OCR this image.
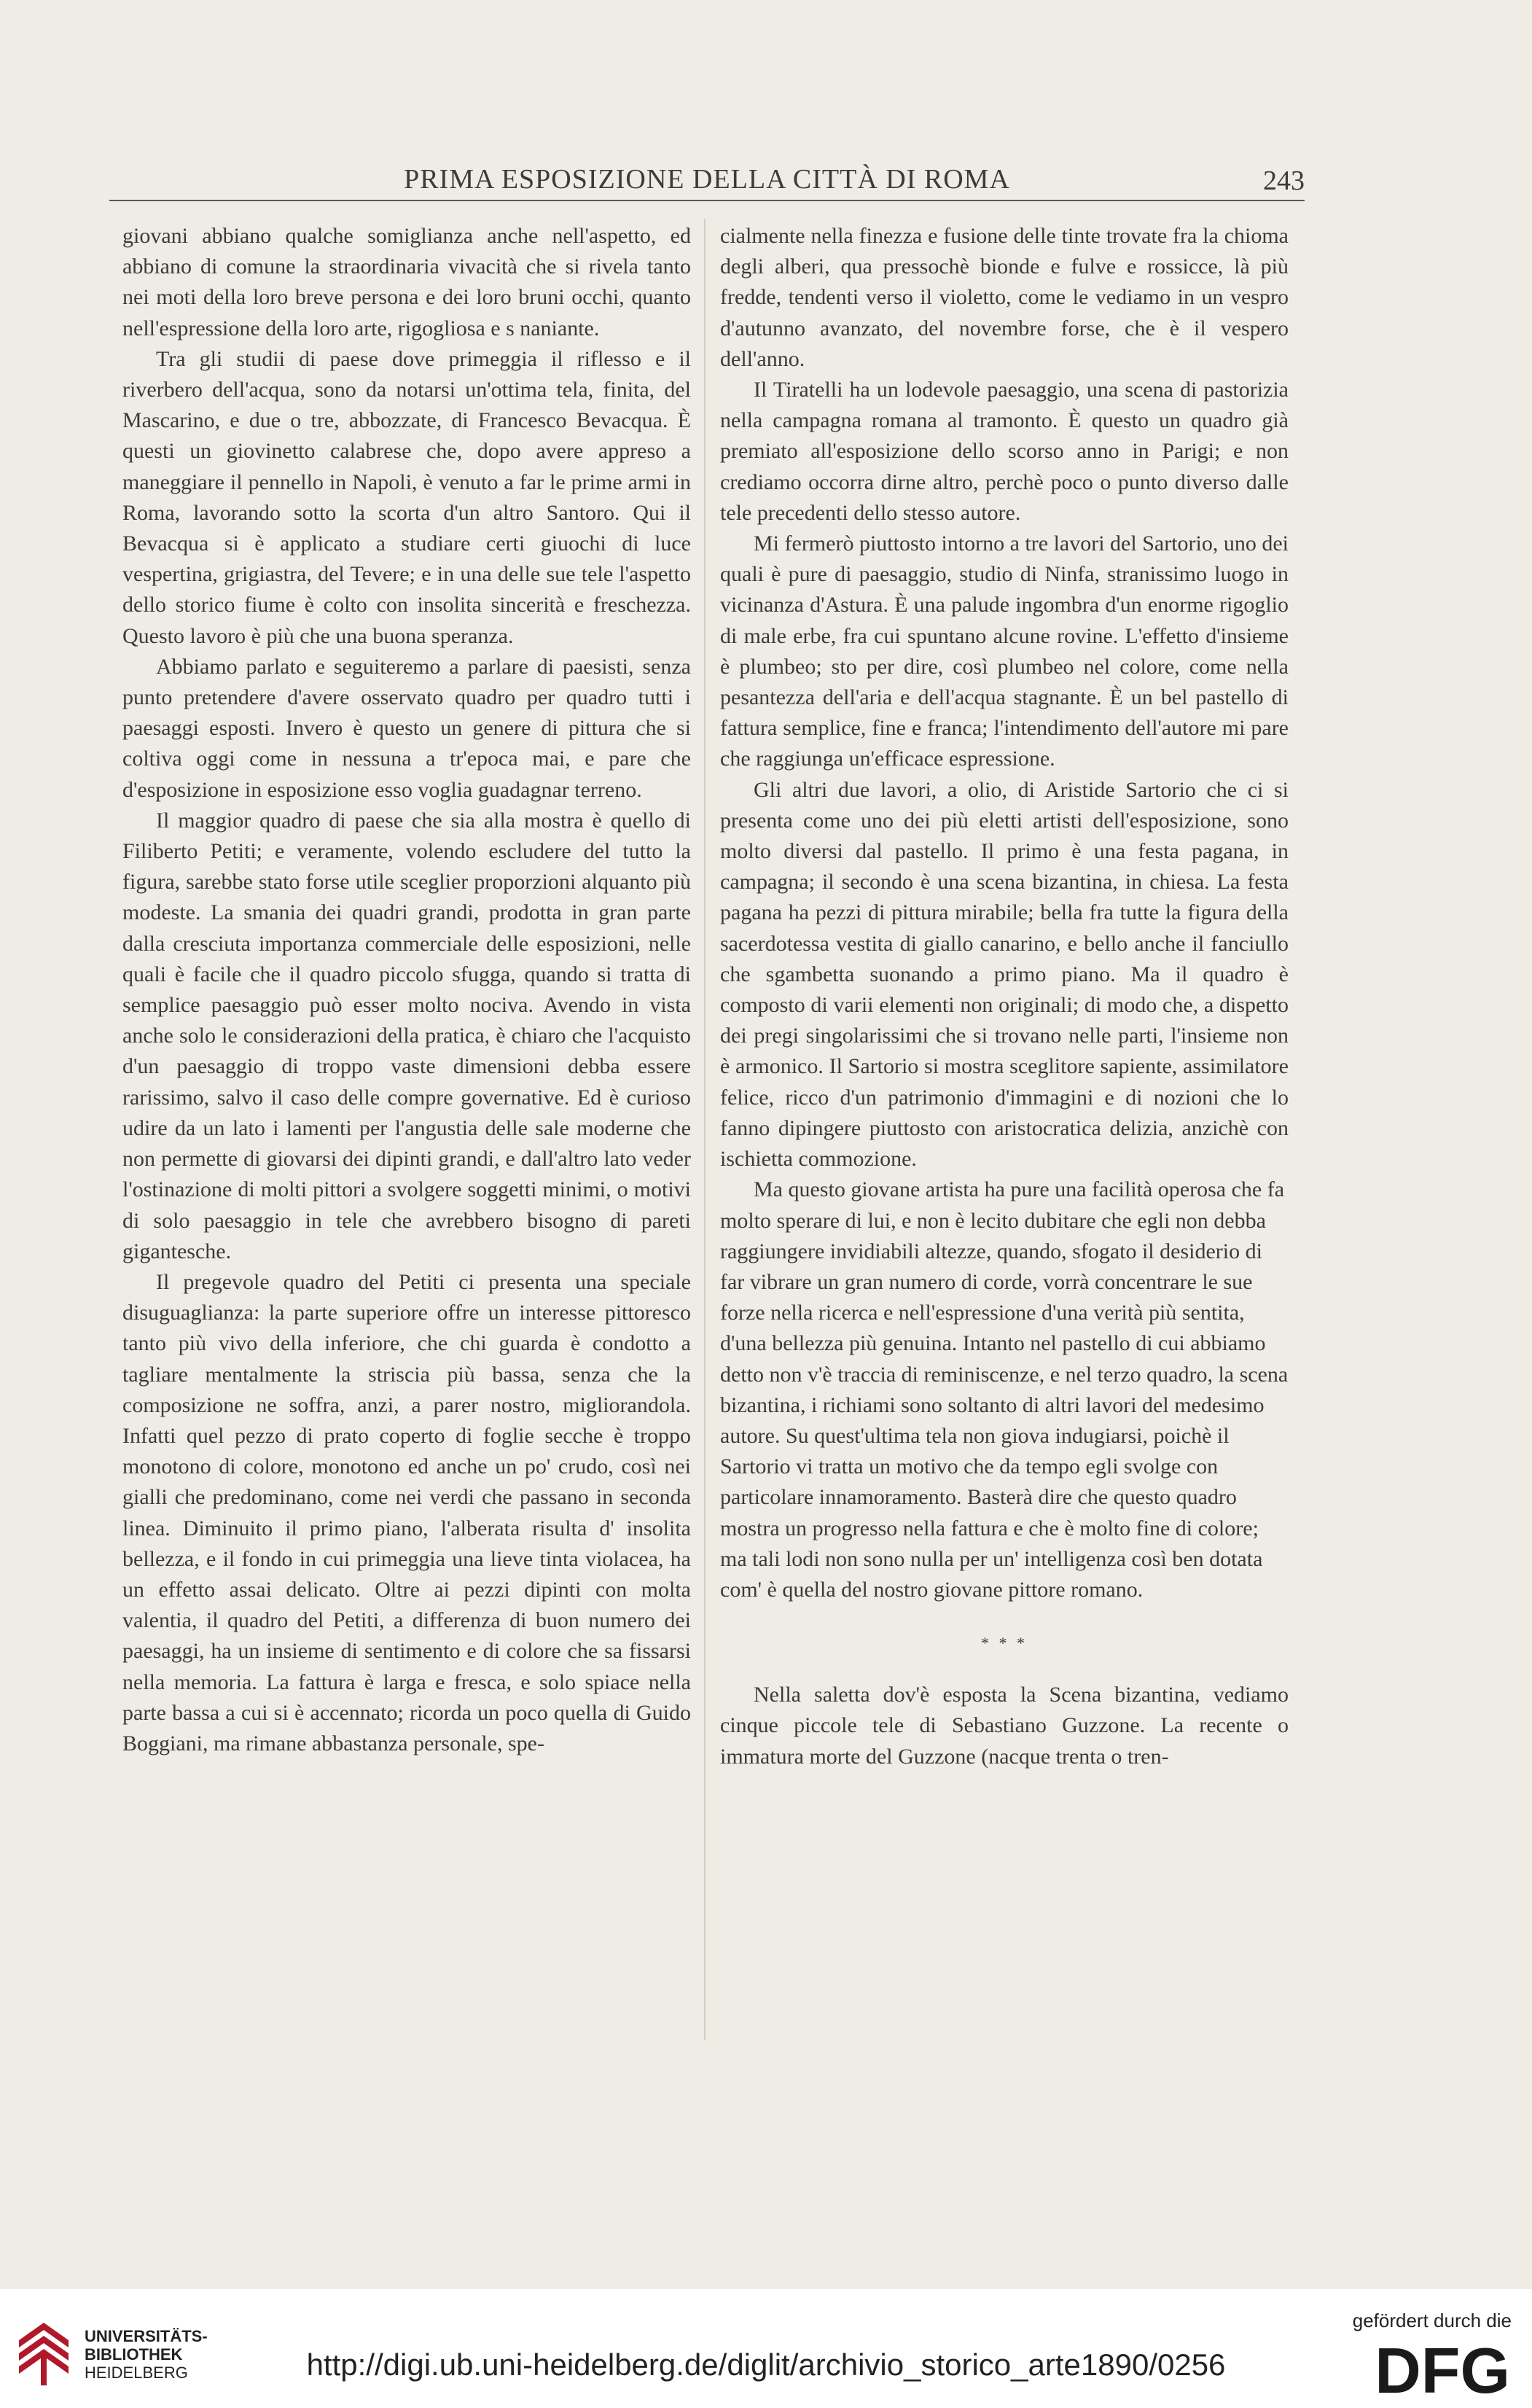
PRIMA ESPOSIZIONE DELLA CITTÀ DI ROMA	243

giovani abbiano qualche somiglianza anche nell'aspetto, ed abbiano di comune la straordinaria vivacità che si rivela tanto nei moti della loro breve persona e dei loro bruni occhi, quanto nell'espressione della loro arte, rigogliosa e s naniante.

Tra gli studii di paese dove primeggia il riflesso e il riverbero dell'acqua, sono da notarsi un'ottima tela, finita, del Mascarino, e due o tre, abbozzate, di Francesco Bevacqua. È questi un giovinetto calabrese che, dopo avere appreso a maneggiare il pennello in Napoli, è venuto a far le prime armi in Roma, lavorando sotto la scorta d'un altro Santoro. Qui il Bevacqua si è applicato a studiare certi giuochi di luce vespertina, grigiastra, del Tevere; e in una delle sue tele l'aspetto dello storico fiume è colto con insolita sincerità e freschezza. Questo lavoro è più che una buona speranza.

Abbiamo parlato e seguiteremo a parlare di paesisti, senza punto pretendere d'avere osservato quadro per quadro tutti i paesaggi esposti. Invero è questo un genere di pittura che si coltiva oggi come in nessuna a tr'epoca mai, e pare che d'esposizione in esposizione esso voglia guadagnar terreno.

Il maggior quadro di paese che sia alla mostra è quello di Filiberto Petiti; e veramente, volendo escludere del tutto la figura, sarebbe stato forse utile sceglier proporzioni alquanto più modeste. La smania dei quadri grandi, prodotta in gran parte dalla cresciuta importanza commerciale delle esposizioni, nelle quali è facile che il quadro piccolo sfugga, quando si tratta di semplice paesaggio può esser molto nociva. Avendo in vista anche solo le considerazioni della pratica, è chiaro che l'acquisto d'un paesaggio di troppo vaste dimensioni debba essere rarissimo, salvo il caso delle compre governative. Ed è curioso udire da un lato i lamenti per l'angustia delle sale moderne che non permette di giovarsi dei dipinti grandi, e dall'altro lato veder l'ostinazione di molti pittori a svolgere soggetti minimi, o motivi di solo paesaggio in tele che avrebbero bisogno di pareti gigantesche.

Il pregevole quadro del Petiti ci presenta una speciale disuguaglianza: la parte superiore offre un interesse pittoresco tanto più vivo della inferiore, che chi guarda è condotto a tagliare mentalmente la striscia più bassa, senza che la composizione ne soffra, anzi, a parer nostro, migliorandola. Infatti quel pezzo di prato coperto di foglie secche è troppo monotono di colore, monotono ed anche un po' crudo, così nei gialli che predominano, come nei verdi che passano in seconda linea. Diminuito il primo piano, l'alberata risulta d' insolita bellezza, e il fondo in cui primeggia una lieve tinta violacea, ha un effetto assai delicato. Oltre ai pezzi dipinti con molta valentia, il quadro del Petiti, a differenza di buon numero dei paesaggi, ha un insieme di sentimento e di colore che sa fissarsi nella memoria. La fattura è larga e fresca, e solo spiace nella parte bassa a cui si è accennato; ricorda un poco quella di Guido Boggiani, ma rimane abbastanza personale, spe-

cialmente nella finezza e fusione delle tinte trovate fra la chioma degli alberi, qua pressochè bionde e fulve e rossicce, là più fredde, tendenti verso il violetto, come le vediamo in un vespro d'autunno avanzato, del novembre forse, che è il vespero dell'anno.

Il Tiratelli ha un lodevole paesaggio, una scena di pastorizia nella campagna romana al tramonto. È questo un quadro già premiato all'esposizione dello scorso anno in Parigi; e non crediamo occorra dirne altro, perchè poco o punto diverso dalle tele precedenti dello stesso autore.

Mi fermerò piuttosto intorno a tre lavori del Sartorio, uno dei quali è pure di paesaggio, studio di Ninfa, stranissimo luogo in vicinanza d'Astura. È una palude ingombra d'un enorme rigoglio di male erbe, fra cui spuntano alcune rovine. L'effetto d'insieme è plumbeo; sto per dire, così plumbeo nel colore, come nella pesantezza dell'aria e dell'acqua stagnante. È un bel pastello di fattura semplice, fine e franca; l'intendimento dell'autore mi pare che raggiunga un'efficace espressione.

Gli altri due lavori, a olio, di Aristide Sartorio che ci si presenta come uno dei più eletti artisti dell'esposizione, sono molto diversi dal pastello. Il primo è una festa pagana, in campagna; il secondo è una scena bizantina, in chiesa. La festa pagana ha pezzi di pittura mirabile; bella fra tutte la figura della sacerdotessa vestita di giallo canarino, e bello anche il fanciullo che sgambetta suonando a primo piano. Ma il quadro è composto di varii elementi non originali; di modo che, a dispetto dei pregi singolarissimi che si trovano nelle parti, l'insieme non è armonico. Il Sartorio si mostra sceglitore sapiente, assimilatore felice, ricco d'un patrimonio d'immagini e di nozioni che lo fanno dipingere piuttosto con aristocratica delizia, anzichè con ischietta commozione.

Ma questo giovane artista ha pure una facilità operosa che fa molto sperare di lui, e non è lecito dubitare che egli non debba raggiungere invidiabili altezze, quando, sfogato il desiderio di far vibrare un gran numero di corde, vorrà concentrare le sue forze nella ricerca e nell'espressione d'una verità più sentita, d'una bellezza più genuina. Intanto nel pastello di cui abbiamo detto non v'è traccia di reminiscenze, e nel terzo quadro, la scena bizantina, i richiami sono soltanto di altri lavori del medesimo autore. Su quest'ultima tela non giova indugiarsi, poichè il Sartorio vi tratta un motivo che da tempo egli svolge con particolare innamoramento. Basterà dire che questo quadro mostra un progresso nella fattura e che è molto fine di colore; ma tali lodi non sono nulla per un' intelligenza così ben dotata com' è quella del nostro giovane pittore romano.

* * *

Nella saletta dov'è esposta la Scena bizantina, vediamo cinque piccole tele di Sebastiano Guzzone. La recente o immatura morte del Guzzone (nacque trenta o tren-

UNIVERSITÄTS-
BIBLIOTHEK
HEIDELBERG	http://digi.ub.uni-heidelberg.de/diglit/archivio_storico_arte1890/0256
gefördert durch die
DFG
